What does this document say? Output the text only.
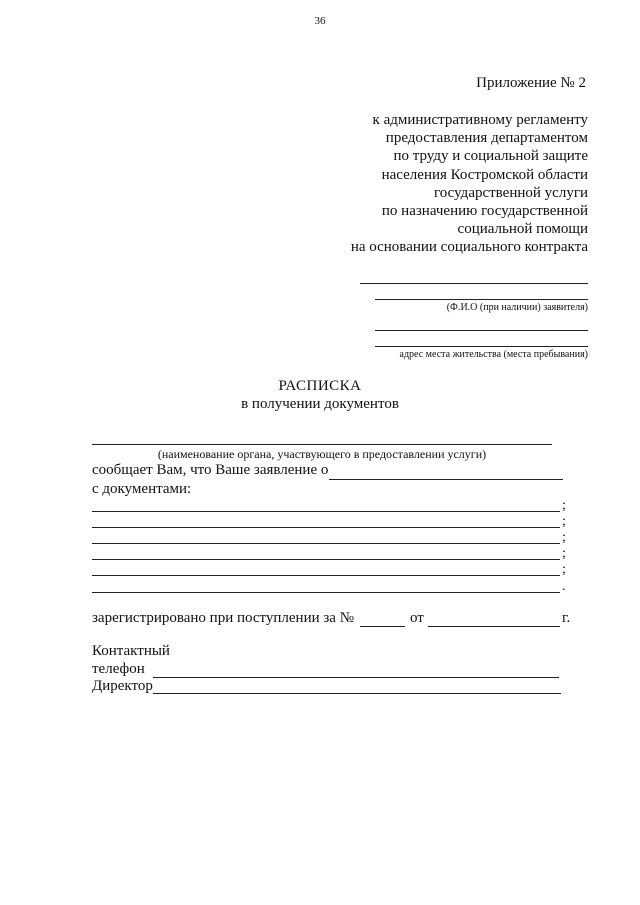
36
Приложение № 2
к административному регламенту
предоставления департаментом
по труду и социальной защите
населения Костромской области
государственной услуги
по назначению государственной
социальной помощи
на основании социального контракта
(Ф.И.О (при наличии) заявителя)
адрес места жительства (места пребывания)
РАСПИСКА
в получении документов
(наименование органа, участвующего в предоставлении услуги)
сообщает Вам, что Ваше заявление о
с документами:
;
;
;
;
;
.
зарегистрировано при поступлении за №	от	г.
Контактный
телефон
Директор
